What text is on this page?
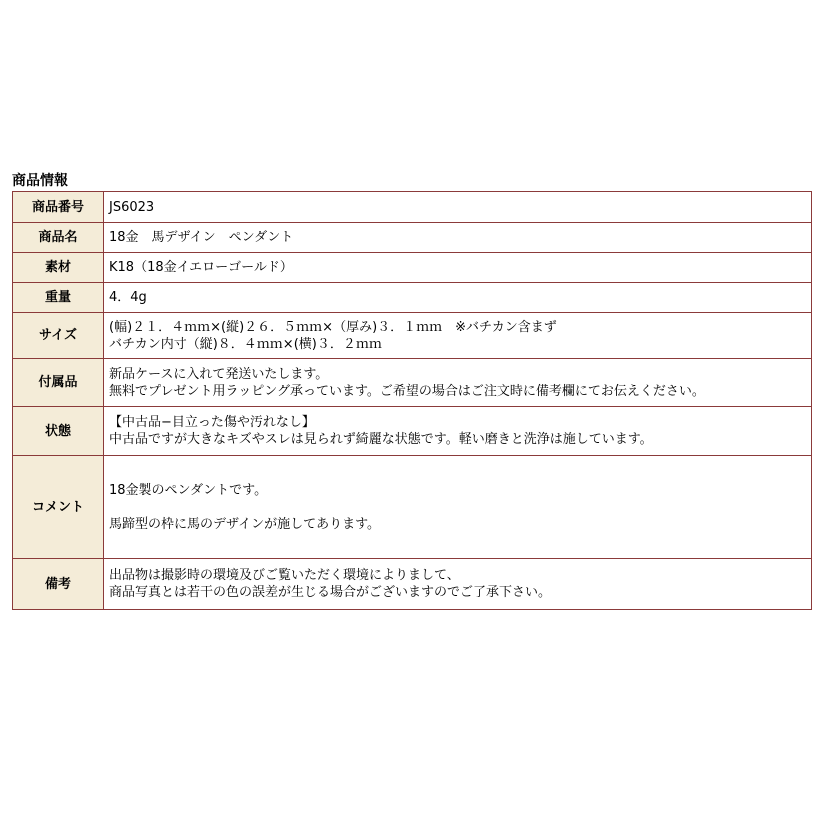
商品情報
商品番号	JS6023

商品名	18金　馬デザイン　ペンダント

素材	K18（18金イエローゴールド）

重量	4．4g

サイズ	(幅)２１．４ｍｍ×(縦)２６．５ｍｍ×（厚み)３．１ｍｍ　※バチカン含まず
バチカン内寸（縦)８．４ｍｍ×(横)３．２ｍｍ

付属品	新品ケースに入れて発送いたします。
無料でプレゼント用ラッピング承っています。ご希望の場合はご注文時に備考欄にてお伝えください。

状態	【中古品−目立った傷や汚れなし】
中古品ですが大きなキズやスレは見られず綺麗な状態です。軽い磨きと洗浄は施しています。

コメント	18金製のペンダントです。
馬蹄型の枠に馬のデザインが施してあります。

備考	出品物は撮影時の環境及びご覧いただく環境によりまして、
商品写真とは若干の色の誤差が生じる場合がございますのでご了承下さい。
